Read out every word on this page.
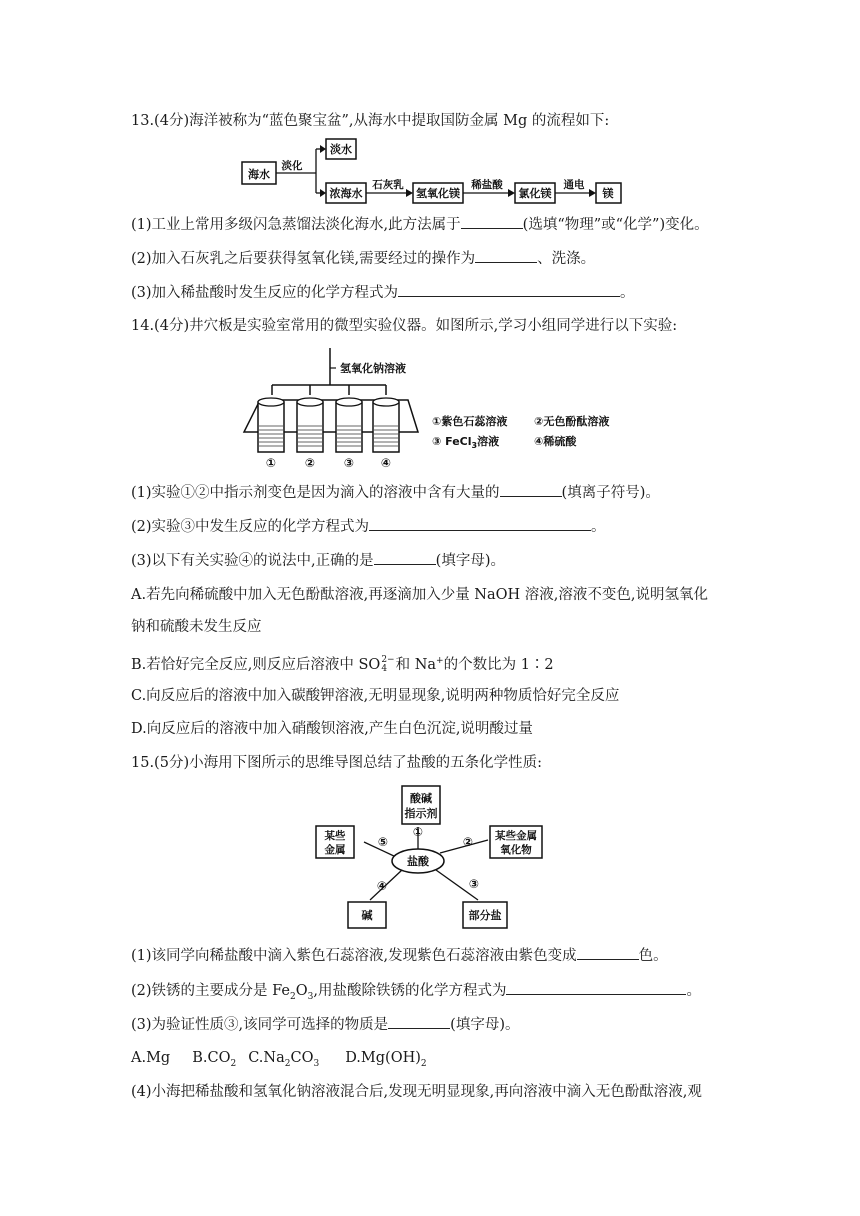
13.(4分)海洋被称为“蓝色聚宝盆”,从海水中提取国防金属 Mg 的流程如下:
海水
淡化
淡水
浓海水
石灰乳
氢氧化镁
稀盐酸
氯化镁
通电
镁
(1)工业上常用多级闪急蒸馏法淡化海水,此方法属于	(选填“物理”或“化学”)变化。
(2)加入石灰乳之后要获得氢氧化镁,需要经过的操作为	、洗涤。
(3)加入稀盐酸时发生反应的化学方程式为	。
14.(4分)井穴板是实验室常用的微型实验仪器。如图所示,学习小组同学进行以下实验:
氢氧化钠溶液
① ② ③ ④
①紫色石蕊溶液 ②无色酚酞溶液
③ FeCl$_3$溶液	④稀硫酸
(1)实验①②中指示剂变色是因为滴入的溶液中含有大量的	(填离子符号)。
(2)实验③中发生反应的化学方程式为	。
(3)以下有关实验④的说法中,正确的是	(填字母)。
A.若先向稀硫酸中加入无色酚酞溶液,再逐滴加入少量 NaOH 溶液,溶液不变色,说明氢氧化
钠和硫酸未发生反应
B.若恰好完全反应,则反应后溶液中 SO 2−
4 和 Na+的个数比为 1∶2
C.向反应后的溶液中加入碳酸钾溶液,无明显现象,说明两种物质恰好完全反应
D.向反应后的溶液中加入硝酸钡溶液,产生白色沉淀,说明酸过量
15.(5分)小海用下图所示的思维导图总结了盐酸的五条化学性质:
酸碱
指示剂
某些金属
氧化物
某些
金属
盐酸
碱	部分盐
①
②
③
④
⑤
(1)该同学向稀盐酸中滴入紫色石蕊溶液,发现紫色石蕊溶液由紫色变成	色。
(2)铁锈的主要成分是 $Fe_2O_3$,用盐酸除铁锈的化学方程式为	。
(3)为验证性质③,该同学可选择的物质是	(填字母)。
A.Mg $B.CO_2$ $C.Na_2CO_3$ $D.Mg(OH)_2$
(4)小海把稀盐酸和氢氧化钠溶液混合后,发现无明显现象,再向溶液中滴入无色酚酞溶液,观
